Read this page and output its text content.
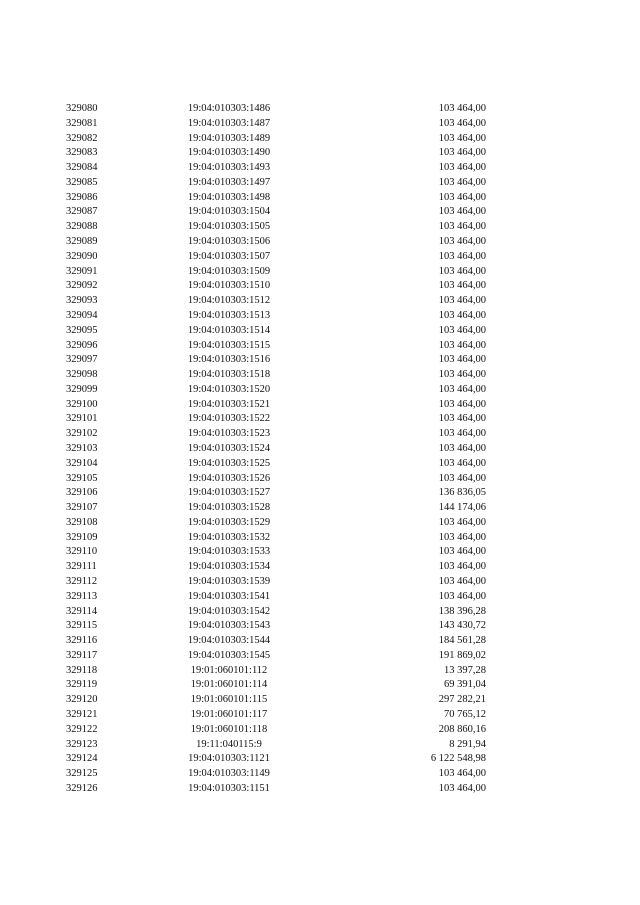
329080	19:04:010303:1486	103 464,00
329081	19:04:010303:1487	103 464,00
329082	19:04:010303:1489	103 464,00
329083	19:04:010303:1490	103 464,00
329084	19:04:010303:1493	103 464,00
329085	19:04:010303:1497	103 464,00
329086	19:04:010303:1498	103 464,00
329087	19:04:010303:1504	103 464,00
329088	19:04:010303:1505	103 464,00
329089	19:04:010303:1506	103 464,00
329090	19:04:010303:1507	103 464,00
329091	19:04:010303:1509	103 464,00
329092	19:04:010303:1510	103 464,00
329093	19:04:010303:1512	103 464,00
329094	19:04:010303:1513	103 464,00
329095	19:04:010303:1514	103 464,00
329096	19:04:010303:1515	103 464,00
329097	19:04:010303:1516	103 464,00
329098	19:04:010303:1518	103 464,00
329099	19:04:010303:1520	103 464,00
329100	19:04:010303:1521	103 464,00
329101	19:04:010303:1522	103 464,00
329102	19:04:010303:1523	103 464,00
329103	19:04:010303:1524	103 464,00
329104	19:04:010303:1525	103 464,00
329105	19:04:010303:1526	103 464,00
329106	19:04:010303:1527	136 836,05
329107	19:04:010303:1528	144 174,06
329108	19:04:010303:1529	103 464,00
329109	19:04:010303:1532	103 464,00
329110	19:04:010303:1533	103 464,00
329111	19:04:010303:1534	103 464,00
329112	19:04:010303:1539	103 464,00
329113	19:04:010303:1541	103 464,00
329114	19:04:010303:1542	138 396,28
329115	19:04:010303:1543	143 430,72
329116	19:04:010303:1544	184 561,28
329117	19:04:010303:1545	191 869,02
329118	19:01:060101:112	13 397,28
329119	19:01:060101:114	69 391,04
329120	19:01:060101:115	297 282,21
329121	19:01:060101:117	70 765,12
329122	19:01:060101:118	208 860,16
329123	19:11:040115:9	8 291,94
329124	19:04:010303:1121	6 122 548,98
329125	19:04:010303:1149	103 464,00
329126	19:04:010303:1151	103 464,00
